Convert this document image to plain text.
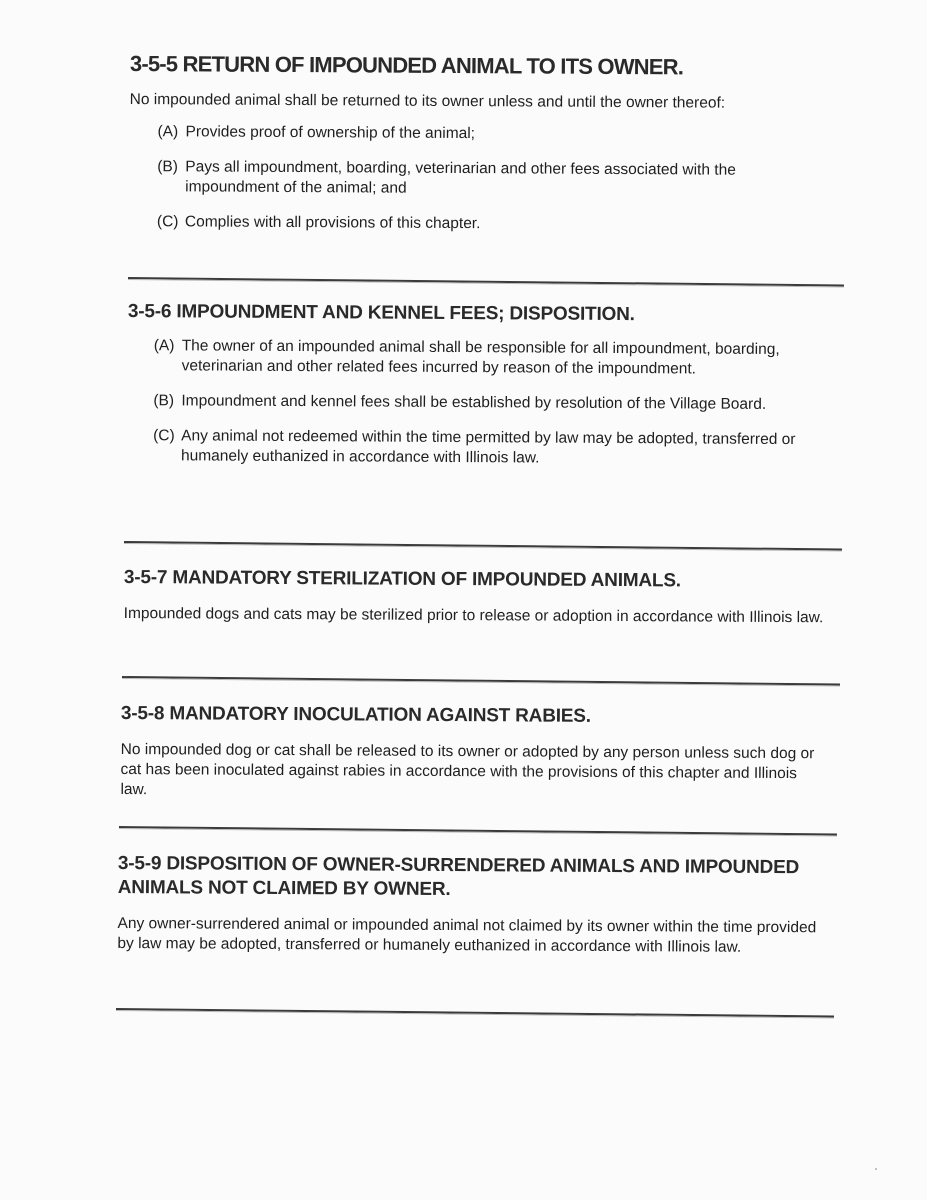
3-5-5 RETURN OF IMPOUNDED ANIMAL TO ITS OWNER.

No impounded animal shall be returned to its owner unless and until the owner thereof:

(A) Provides proof of ownership of the animal;
(B) Pays all impoundment, boarding, veterinarian and other fees associated with the impoundment of the animal; and
(C) Complies with all provisions of this chapter.
3-5-6 IMPOUNDMENT AND KENNEL FEES; DISPOSITION.
(A) The owner of an impounded animal shall be responsible for all impoundment, boarding, veterinarian and other related fees incurred by reason of the impoundment.
(B) Impoundment and kennel fees shall be established by resolution of the Village Board.
(C) Any animal not redeemed within the time permitted by law may be adopted, transferred or humanely euthanized in accordance with Illinois law.
3-5-7 MANDATORY STERILIZATION OF IMPOUNDED ANIMALS.

Impounded dogs and cats may be sterilized prior to release or adoption in accordance with Illinois law.

3-5-8 MANDATORY INOCULATION AGAINST RABIES.

No impounded dog or cat shall be released to its owner or adopted by any person unless such dog or cat has been inoculated against rabies in accordance with the provisions of this chapter and Illinois law.

3-5-9 DISPOSITION OF OWNER-SURRENDERED ANIMALS AND IMPOUNDED ANIMALS NOT CLAIMED BY OWNER.

Any owner-surrendered animal or impounded animal not claimed by its owner within the time provided by law may be adopted, transferred or humanely euthanized in accordance with Illinois law.
